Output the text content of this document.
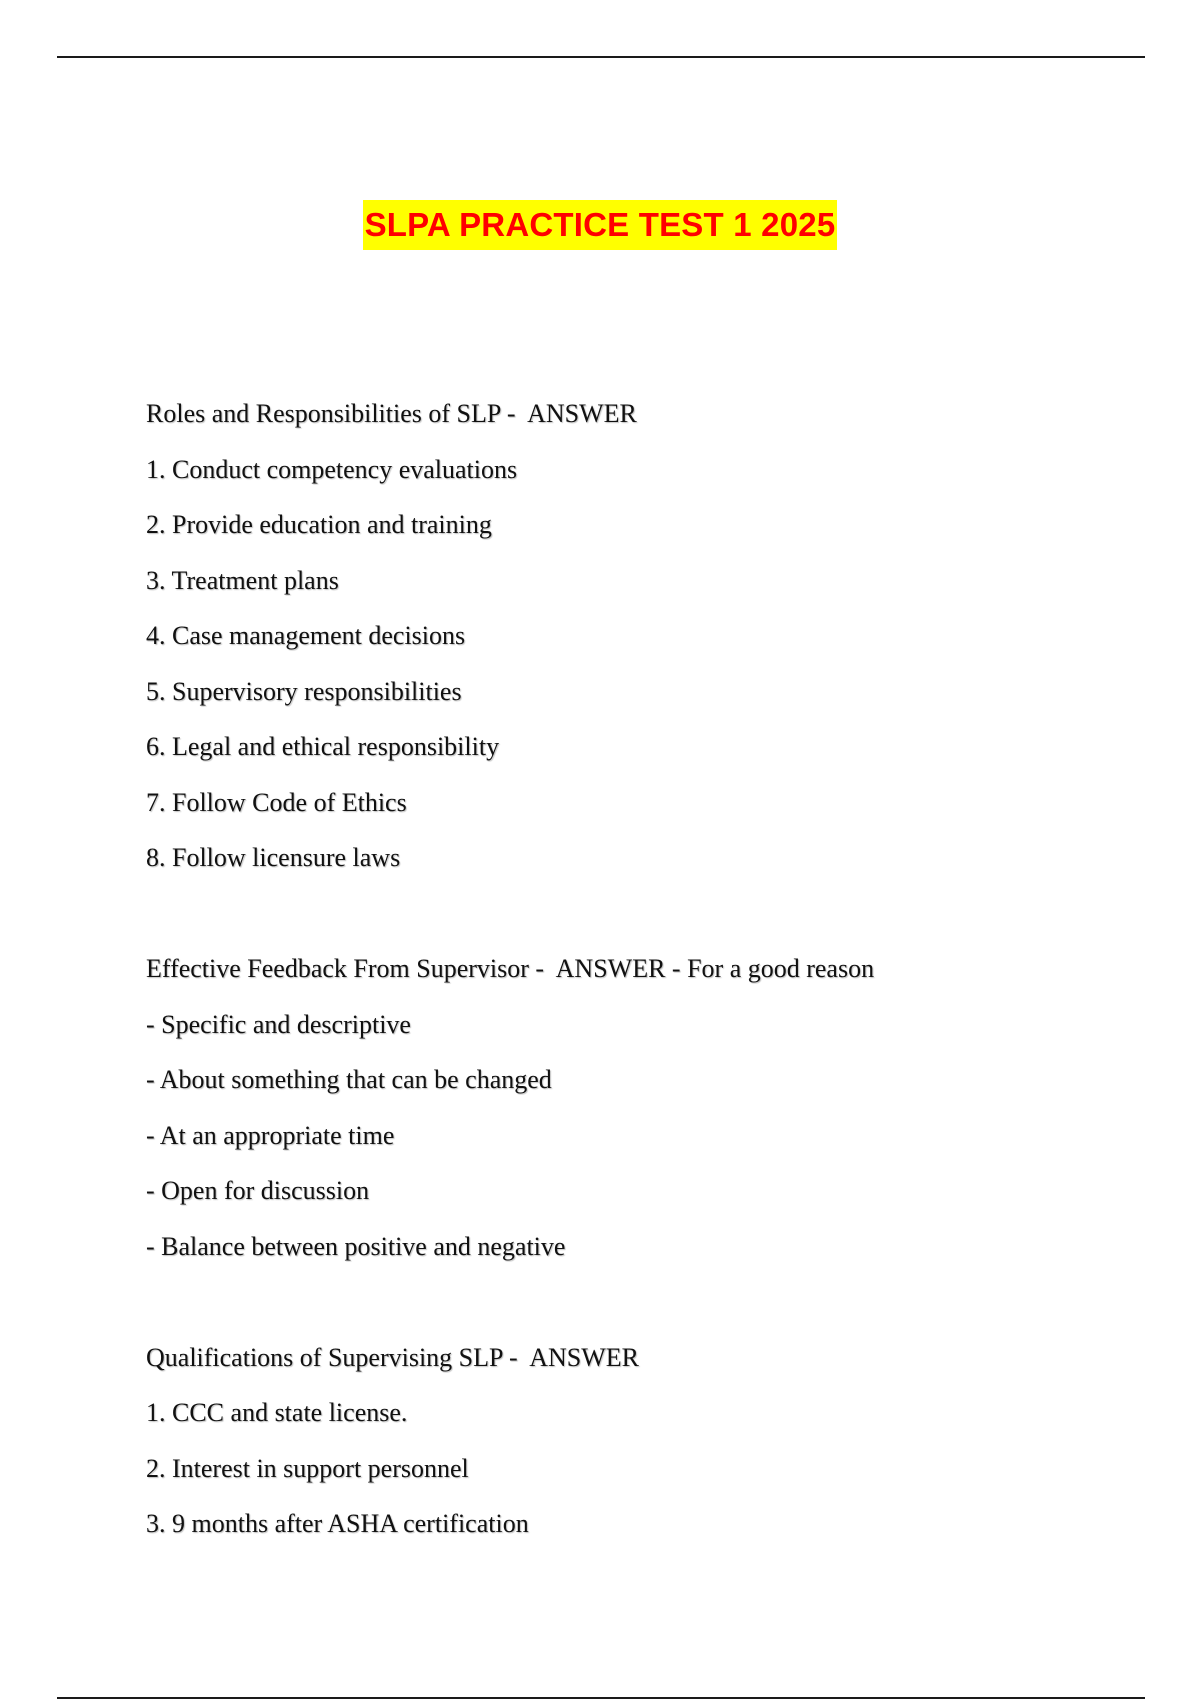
SLPA PRACTICE TEST 1 2025
Roles and Responsibilities of SLP -  ANSWER
1. Conduct competency evaluations
2. Provide education and training
3. Treatment plans
4. Case management decisions
5. Supervisory responsibilities
6. Legal and ethical responsibility
7. Follow Code of Ethics
8. Follow licensure laws
Effective Feedback From Supervisor -  ANSWER - For a good reason
- Specific and descriptive
- About something that can be changed
- At an appropriate time
- Open for discussion
- Balance between positive and negative
Qualifications of Supervising SLP -  ANSWER
1. CCC and state license.
2. Interest in support personnel
3. 9 months after ASHA certification
